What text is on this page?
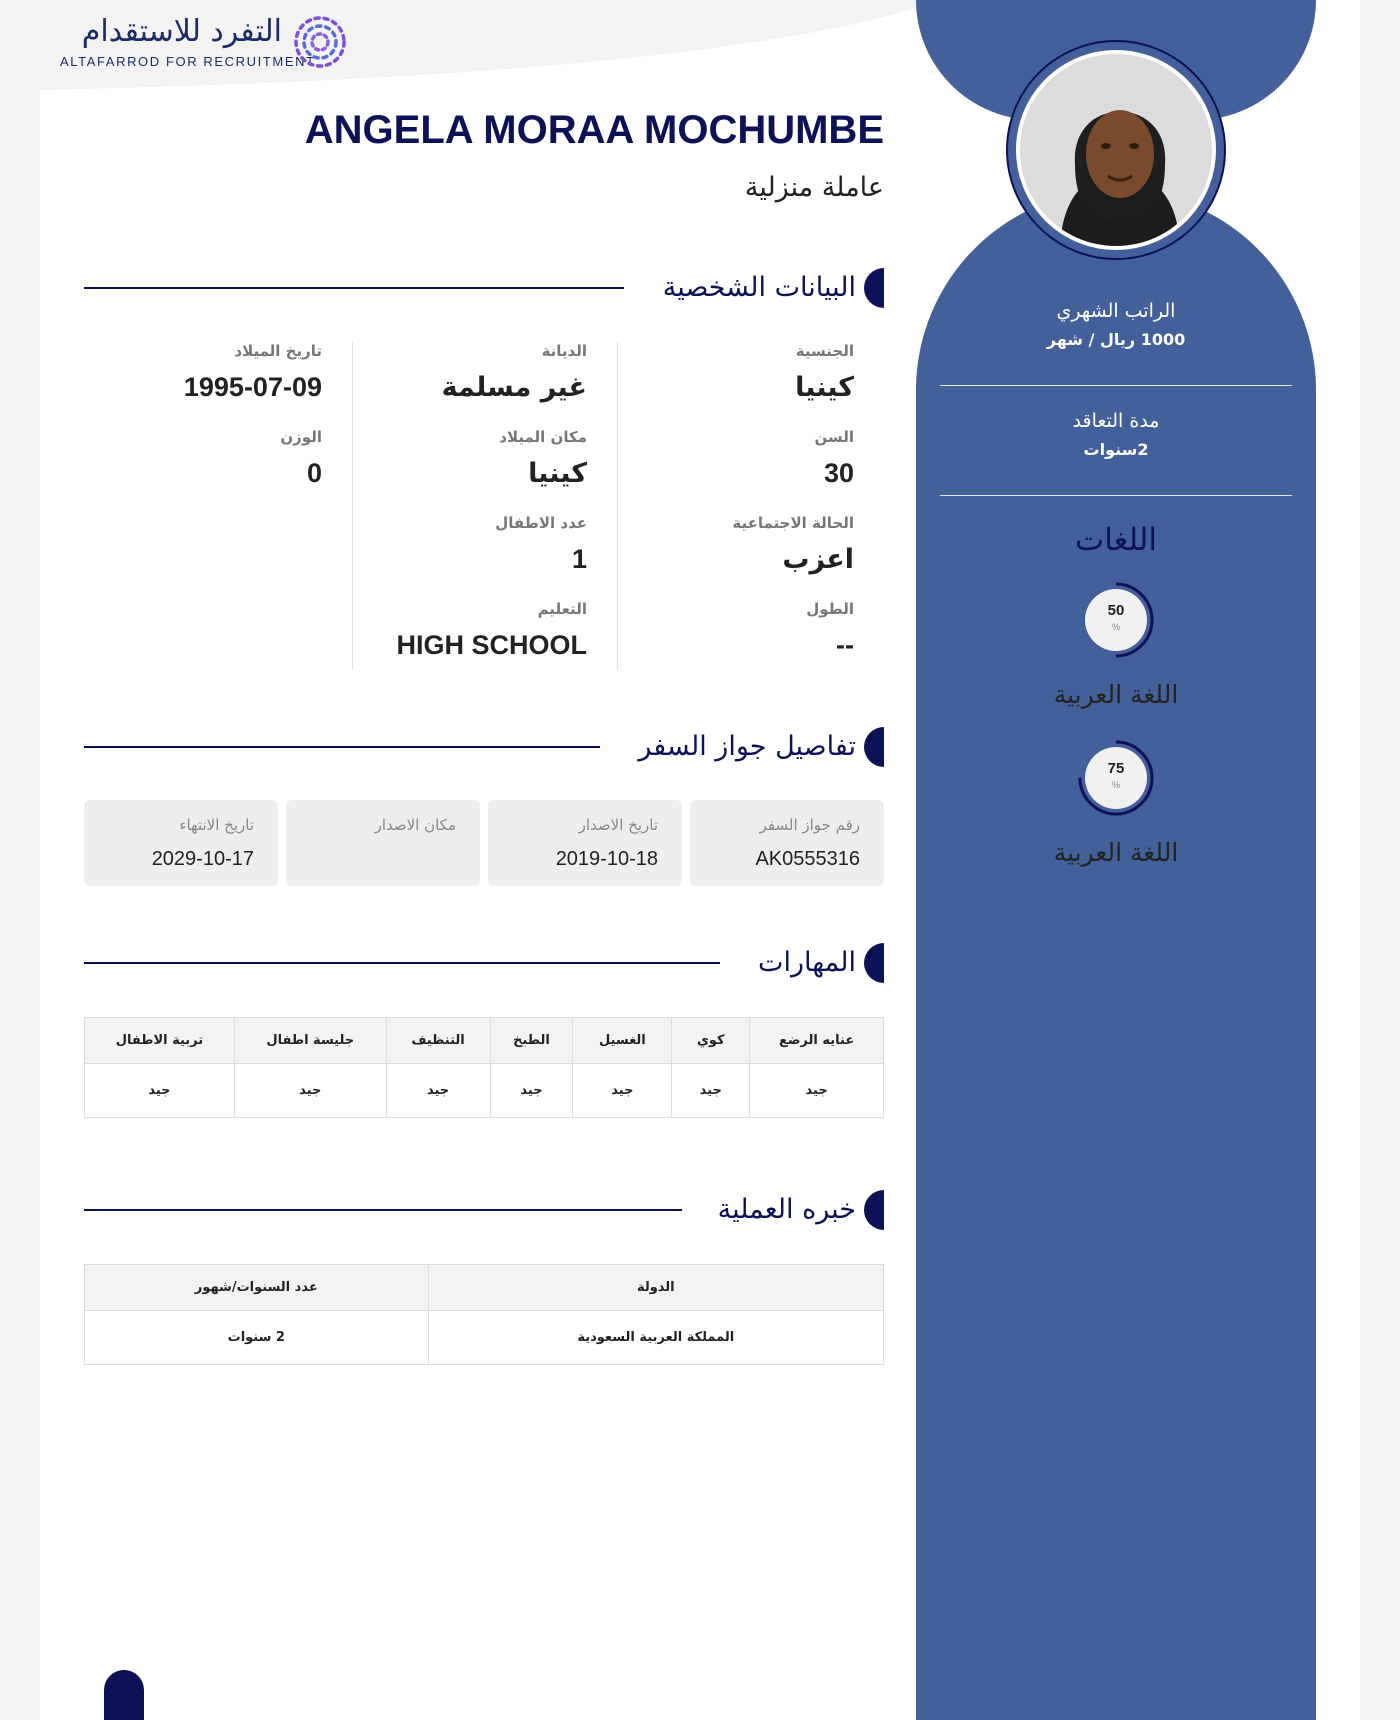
التفرد للاستقدام
ALTAFARROD FOR RECRUITMENT
الراتب الشهري
1000 ريال / شهر
مدة التعاقد
2سنوات
اللغات
50
%
اللغة العربية
75
%
اللغة العربية
ANGELA MORAA MOCHUMBE
عاملة منزلية
البيانات الشخصية
الجنسية
كينيا
السن
30
الحالة الاجتماعية
اعزب
الطول
--
الديانة
غير مسلمة
مكان الميلاد
كينيا
عدد الاطفال
1
التعليم
HIGH SCHOOL
تاريخ الميلاد
1995-07-09
الوزن
0
تفاصيل جواز السفر
رقم جواز السفر
AK0555316
تاريخ الاصدار
2019-10-18
مكان الاصدار
تاريخ الانتهاء
2029-10-17
المهارات
عنايه الرضع	كوي	الغسيل	الطبخ	التنظيف	جليسة اطفال	تربية الاطفال
جيد	جيد	جيد	جيد	جيد	جيد	جيد
خبره العملية
الدولة	عدد السنوات/شهور
المملكة العربية السعودية	2 سنوات
